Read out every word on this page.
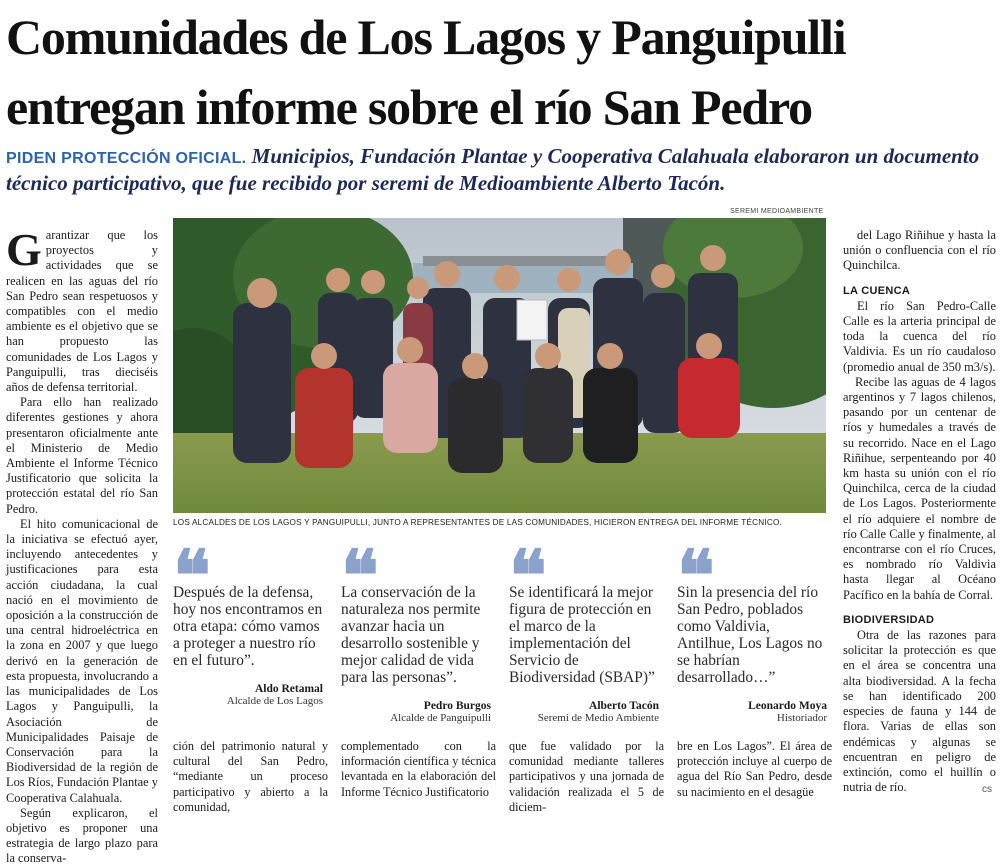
Comunidades de Los Lagos y Panguipulli entregan informe sobre el río San Pedro
PIDEN PROTECCIÓN OFICIAL. Municipios, Fundación Plantae y Cooperativa Calahuala elaboraron un documento técnico participativo, que fue recibido por seremi de Medioambiente Alberto Tacón.

Garantizar que los proyectos y actividades que se realicen en las aguas del río San Pedro sean respetuosos y compatibles con el medio ambiente es el objetivo que se han propuesto las comunidades de Los Lagos y Panguipulli, tras dieciséis años de defensa territorial.

Para ello han realizado diferentes gestiones y ahora presentaron oficialmente ante el Ministerio de Medio Ambiente el Informe Técnico Justificatorio que solicita la protección estatal del río San Pedro.

El hito comunicacional de la iniciativa se efectuó ayer, incluyendo antecedentes y justificaciones para esta acción ciudadana, la cual nació en el movimiento de oposición a la construcción de una central hidroeléctrica en la zona en 2007 y que luego derivó en la generación de esta propuesta, involucrando a las municipalidades de Los Lagos y Panguipulli, la Asociación de Municipalidades Paisaje de Conservación para la Biodiversidad de la región de Los Ríos, Fundación Plantae y Cooperativa Calahuala.

Según explicaron, el objetivo es proponer una estrategia de largo plazo para la conserva-

SEREMI MEDIOAMBIENTE
LOS ALCALDES DE LOS LAGOS Y PANGUIPULLI, JUNTO A REPRESENTANTES DE LAS COMUNIDADES, HICIERON ENTREGA DEL INFORME TÉCNICO.
❝
Después de la defensa, hoy nos encontramos en otra etapa: cómo vamos a proteger a nuestro río en el futuro”.
Aldo Retamal
Alcalde de Los Lagos
❝
La conservación de la naturaleza nos permite avanzar hacia un desarrollo sostenible y mejor calidad de vida para las personas”.
Pedro Burgos
Alcalde de Panguipulli
❝
Se identificará la mejor figura de protección en el marco de la implementación del Servicio de Biodiversidad (SBAP)”
Alberto Tacón
Seremi de Medio Ambiente
❝
Sin la presencia del río San Pedro, poblados como Valdivia, Antilhue, Los Lagos no se habrían desarrollado…”
Leonardo Moya
Historiador
ción del patrimonio natural y cultural del San Pedro, “mediante un proceso participativo y abierto a la comunidad,
complementado con la información científica y técnica levantada en la elaboración del Informe Técnico Justificatorio
que fue validado por la comunidad mediante talleres participativos y una jornada de validación realizada el 5 de diciem-
bre en Los Lagos”. El área de protección incluye al cuerpo de agua del Río San Pedro, desde su nacimiento en el desagüe

del Lago Riñihue y hasta la unión o confluencia con el río Quinchilca.

LA CUENCA

El río San Pedro-Calle Calle es la arteria principal de toda la cuenca del río Valdivia. Es un río caudaloso (promedio anual de 350 m3/s).

Recibe las aguas de 4 lagos argentinos y 7 lagos chilenos, pasando por un centenar de ríos y humedales a través de su recorrido. Nace en el Lago Riñihue, serpenteando por 40 km hasta su unión con el río Quinchilca, cerca de la ciudad de Los Lagos. Posteriormente el río adquiere el nombre de río Calle Calle y finalmente, al encontrarse con el río Cruces, es nombrado río Valdivia hasta llegar al Océano Pacífico en la bahía de Corral.

BIODIVERSIDAD

Otra de las razones para solicitar la protección es que en el área se concentra una alta biodiversidad. A la fecha se han identificado 200 especies de fauna y 144 de flora. Varias de ellas son endémicas y algunas se encuentran en peligro de extinción, como el huillín o nutria de río.	cs
